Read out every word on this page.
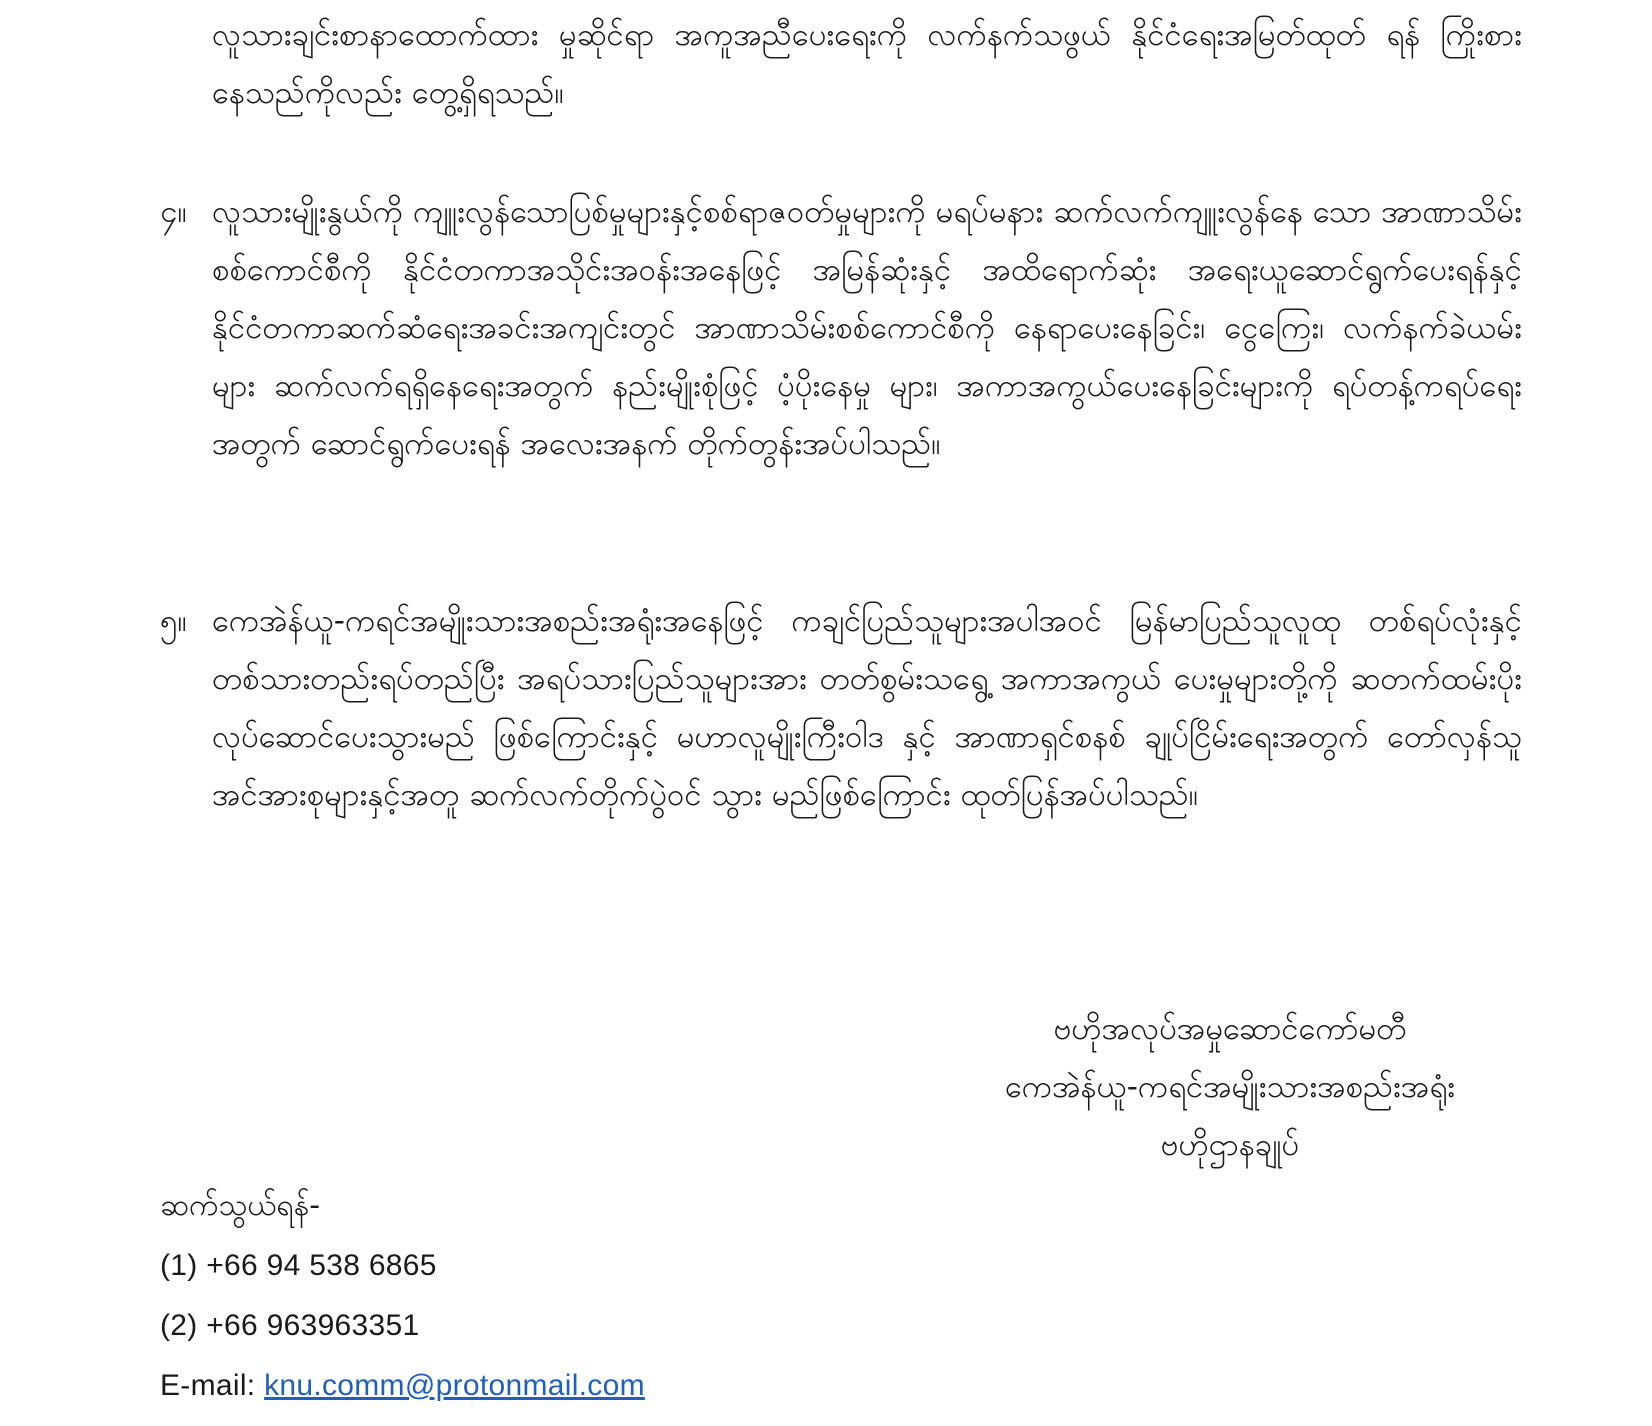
လူသားချင်းစာနာထောက်ထား မှုဆိုင်ရာ အကူအညီပေးရေးကို လက်နက်သဖွယ် နိုင်ငံရေးအမြတ်ထုတ် ရန် ကြိုးစားနေသည်ကိုလည်း တွေ့ရှိရသည်။
၄။ လူသားမျိုးနွယ်ကို ကျူးလွန်သောပြစ်မှုများနှင့်စစ်ရာဇဝတ်မှုများကို မရပ်မနား ဆက်လက်ကျူးလွန်နေ သော အာဏာသိမ်းစစ်ကောင်စီကို နိုင်ငံတကာအသိုင်းအဝန်းအနေဖြင့် အမြန်ဆုံးနှင့် အထိရောက်ဆုံး အရေးယူဆောင်ရွက်ပေးရန်နှင့် နိုင်ငံတကာဆက်ဆံရေးအခင်းအကျင်းတွင် အာဏာသိမ်းစစ်ကောင်စီကို နေရာပေးနေခြင်း၊ ငွေကြေး၊ လက်နက်ခဲယမ်းများ ဆက်လက်ရရှိနေရေးအတွက် နည်းမျိုးစုံဖြင့် ပံ့ပိုးနေမှု များ၊ အကာအကွယ်ပေးနေခြင်းများကို ရပ်တန့်ကရပ်ရေးအတွက် ဆောင်ရွက်ပေးရန် အလေးအနက် တိုက်တွန်းအပ်ပါသည်။
၅။ ကေအဲန်ယူ-ကရင်အမျိုးသားအစည်းအရုံးအနေဖြင့် ကချင်ပြည်သူများအပါအဝင် မြန်မာပြည်သူလူထု တစ်ရပ်လုံးနှင့်တစ်သားတည်းရပ်တည်ပြီး အရပ်သားပြည်သူများအား တတ်စွမ်းသရွေ့ အကာအကွယ် ပေးမှုများတို့ကို ဆတက်ထမ်းပိုး လုပ်ဆောင်ပေးသွားမည် ဖြစ်ကြောင်းနှင့် မဟာလူမျိုးကြီးဝါဒ နှင့် အာဏာရှင်စနစ် ချုပ်ငြိမ်းရေးအတွက် တော်လှန်သူအင်အားစုများနှင့်အတူ ဆက်လက်တိုက်ပွဲဝင် သွား မည်ဖြစ်ကြောင်း ထုတ်ပြန်အပ်ပါသည်။
ဗဟိုအလုပ်အမှုဆောင်ကော်မတီ
ကေအဲန်ယူ-ကရင်အမျိုးသားအစည်းအရုံး
ဗဟိုဌာနချုပ်
ဆက်သွယ်ရန်-
(1) +66 94 538 6865
(2) +66 963963351
E-mail: knu.comm@protonmail.com
